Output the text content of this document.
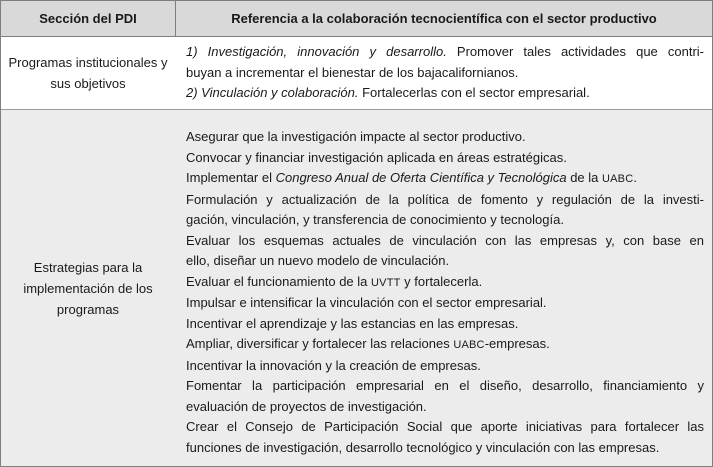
Sección del PDI	Referencia a la colaboración tecnocientífica con el sector productivo
Programas institucionales y sus objetivos
1) Investigación, innovación y desarrollo. Promover tales actividades que contri-
buyan a incrementar el bienestar de los bajacalifornianos.
2) Vinculación y colaboración. Fortalecerlas con el sector empresarial.
Estrategias para la implementación de los programas
Asegurar que la investigación impacte al sector productivo.
Convocar y financiar investigación aplicada en áreas estratégicas.
Implementar el Congreso Anual de Oferta Científica y Tecnológica de la UABC.
Formulación y actualización de la política de fomento y regulación de la investi-
gación, vinculación, y transferencia de conocimiento y tecnología.
Evaluar los esquemas actuales de vinculación con las empresas y, con base en
ello, diseñar un nuevo modelo de vinculación.
Evaluar el funcionamiento de la UVTT y fortalecerla.
Impulsar e intensificar la vinculación con el sector empresarial.
Incentivar el aprendizaje y las estancias en las empresas.
Ampliar, diversificar y fortalecer las relaciones UABC-empresas.
Incentivar la innovación y la creación de empresas.
Fomentar la participación empresarial en el diseño, desarrollo, financiamiento y
evaluación de proyectos de investigación.
Crear el Consejo de Participación Social que aporte iniciativas para fortalecer las
funciones de investigación, desarrollo tecnológico y vinculación con las empresas.
